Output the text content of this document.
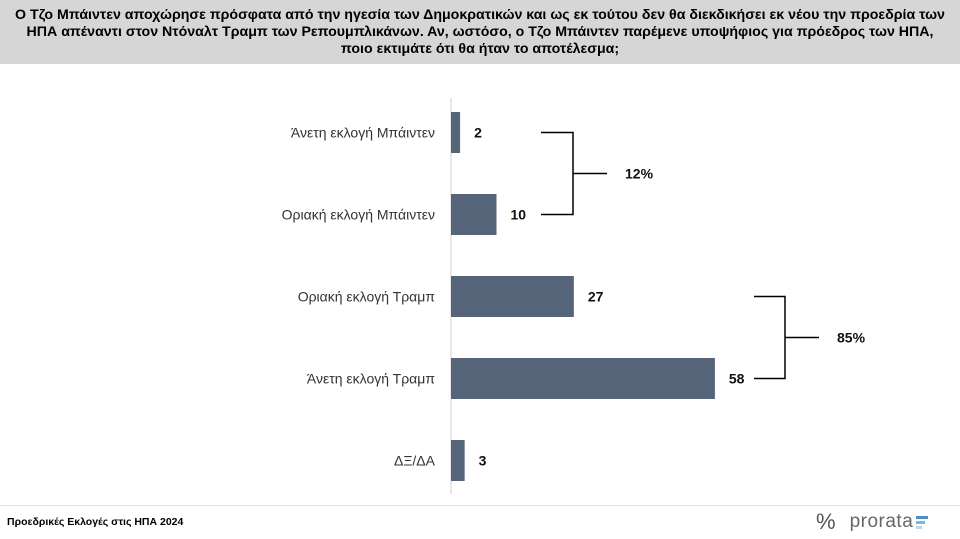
Ο Τζο Μπάιντεν αποχώρησε πρόσφατα από την ηγεσία των Δημοκρατικών και ως εκ τούτου δεν θα διεκδικήσει εκ νέου την προεδρία των ΗΠΑ απέναντι στον Ντόναλτ Τραμπ των Ρεπουμπλικάνων. Αν, ωστόσο, ο Τζο Μπάιντεν παρέμενε υποψήφιος για πρόεδρος των ΗΠΑ, ποιο εκτιμάτε ότι θα ήταν το αποτέλεσμα;

Άνετη εκλογή Μπάιντεν	2
Οριακή εκλογή Μπάιντεν	10
Οριακή εκλογή Τραμπ	27
Άνετη εκλογή Τραμπ	58
ΔΞ/ΔΑ	3
12%
85%
Προεδρικές Εκλογές στις ΗΠΑ 2024	% prorata
